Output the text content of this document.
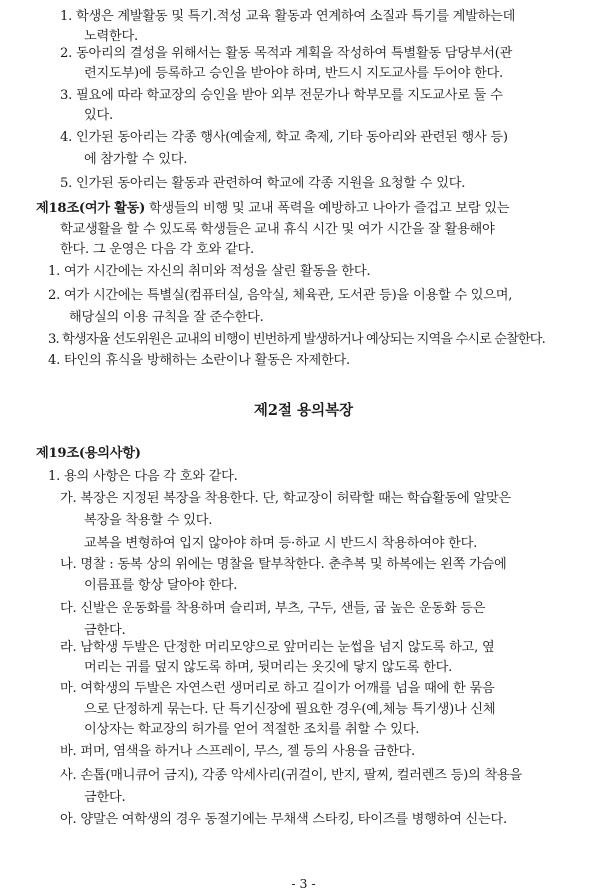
1. 학생은 계발활동 및 특기.적성 교육 활동과 연계하여 소질과 특기를 계발하는데
노력한다.
2. 동아리의 결성을 위해서는 활동 목적과 계획을 작성하여 특별활동 담당부서(관
련지도부)에 등록하고 승인을 받아야 하며, 반드시 지도교사를 두어야 한다.
3. 필요에 따라 학교장의 승인을 받아 외부 전문가나 학부모를 지도교사로 둘 수
있다.
4. 인가된 동아리는 각종 행사(예술제, 학교 축제, 기타 동아리와 관련된 행사 등)
에 참가할 수 있다.
5. 인가된 동아리는 활동과 관련하여 학교에 각종 지원을 요청할 수 있다.
제18조(여가 활동) 학생들의 비행 및 교내 폭력을 예방하고 나아가 즐겁고 보람 있는
학교생활을 할 수 있도록 학생들은 교내 휴식 시간 및 여가 시간을 잘 활용해야
한다. 그 운영은 다음 각 호와 같다.
1. 여가 시간에는 자신의 취미와 적성을 살린 활동을 한다.
2. 여가 시간에는 특별실(컴퓨터실, 음악실, 체육관, 도서관 등)을 이용할 수 있으며,
해당실의 이용 규칙을 잘 준수한다.
3. 학생자율 선도위원은 교내의 비행이 빈번하게 발생하거나 예상되는 지역을 수시로 순찰한다.
4. 타인의 휴식을 방해하는 소란이나 활동은 자제한다.
제2절 용의복장
제19조(용의사항)
1. 용의 사항은 다음 각 호와 같다.
가. 복장은 지정된 복장을 착용한다. 단, 학교장이 허락할 때는 학습활동에 알맞은
복장을 착용할 수 있다.
교복을 변형하여 입지 않아야 하며 등·하교 시 반드시 착용하여야 한다.
나. 명찰 : 동복 상의 위에는 명찰을 탈부착한다. 춘추복 및 하복에는 왼쪽 가슴에
이름표를 항상 달아야 한다.
다. 신발은 운동화를 착용하며 슬리퍼, 부츠, 구두, 샌들, 굽 높은 운동화 등은
금한다.
라. 남학생 두발은 단정한 머리모양으로 앞머리는 눈썹을 넘지 않도록 하고, 옆
머리는 귀를 덮지 않도록 하며, 뒷머리는 옷깃에 닿지 않도록 한다.
마. 여학생의 두발은 자연스런 생머리로 하고 길이가 어깨를 넘을 때에 한 묶음
으로 단정하게 묶는다. 단 특기신장에 필요한 경우(예,체능 특기생)나 신체
이상자는 학교장의 허가를 얻어 적절한 조치를 취할 수 있다.
바. 퍼머, 염색을 하거나 스프레이, 무스, 젤 등의 사용을 금한다.
사. 손톱(매니큐어 금지), 각종 악세사리(귀걸이, 반지, 팔찌, 컬러렌즈 등)의 착용을
금한다.
아. 양말은 여학생의 경우 동절기에는 무채색 스타킹, 타이즈를 병행하여 신는다.
- 3 -
